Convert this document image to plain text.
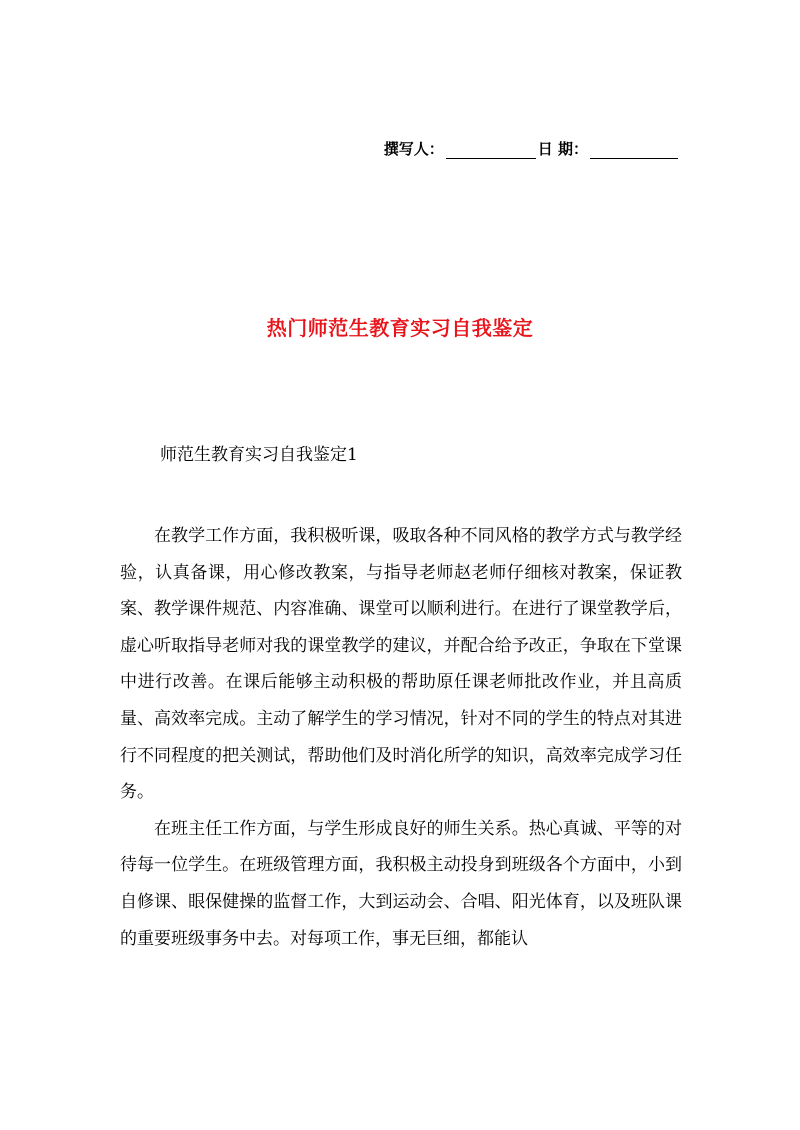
撰写人：	日 期：
热门师范生教育实习自我鉴定
师范生教育实习自我鉴定1

在教学工作方面，我积极听课，吸取各种不同风格的教学方式与教学经验，认真备课，用心修改教案，与指导老师赵老师仔细核对教案，保证教案、教学课件规范、内容准确、课堂可以顺利进行。在进行了课堂教学后，虚心听取指导老师对我的课堂教学的建议，并配合给予改正，争取在下堂课中进行改善。在课后能够主动积极的帮助原任课老师批改作业，并且高质量、高效率完成。主动了解学生的学习情况，针对不同的学生的特点对其进行不同程度的把关测试，帮助他们及时消化所学的知识，高效率完成学习任务。

在班主任工作方面，与学生形成良好的师生关系。热心真诚、平等的对待每一位学生。在班级管理方面，我积极主动投身到班级各个方面中，小到自修课、眼保健操的监督工作，大到运动会、合唱、阳光体育，以及班队课的重要班级事务中去。对每项工作，事无巨细，都能认
